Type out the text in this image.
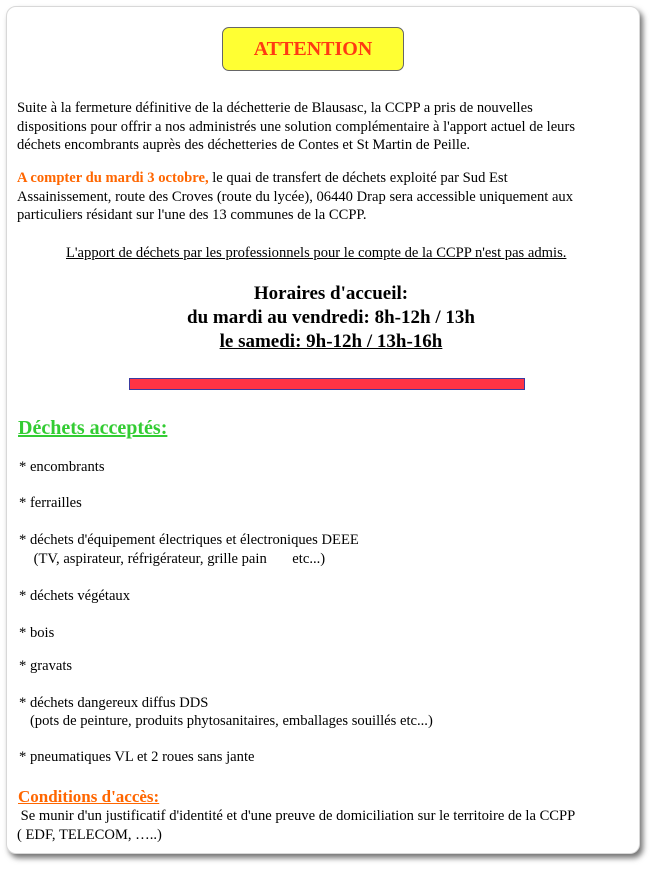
ATTENTION
Suite à la fermeture définitive de la déchetterie de Blausasc, la CCPP a pris de nouvelles
dispositions pour offrir a nos administrés une solution complémentaire à l'apport actuel de leurs
déchets encombrants auprès des déchetteries de Contes et St Martin de Peille.
A compter du mardi 3 octobre, le quai de transfert de déchets exploité par Sud Est
Assainissement, route des Croves (route du lycée), 06440 Drap sera accessible uniquement aux
particuliers résidant sur l'une des 13 communes de la CCPP.
L'apport de déchets par les professionnels pour le compte de la CCPP n'est pas admis.
Horaires d'accueil:
du mardi au vendredi: 8h-12h / 13h
le samedi: 9h-12h / 13h-16h
Déchets acceptés:
* encombrants
* ferrailles
* déchets d'équipement électriques et électroniques DEEE
(TV, aspirateur, réfrigérateur, grille pain       etc...)
* déchets végétaux
* bois
* gravats
* déchets dangereux diffus DDS
(pots de peinture, produits phytosanitaires, emballages souillés etc...)
* pneumatiques VL et 2 roues sans jante
Conditions d'accès:
Se munir d'un justificatif d'identité et d'une preuve de domiciliation sur le territoire de la CCPP
( EDF, TELECOM, …..)
